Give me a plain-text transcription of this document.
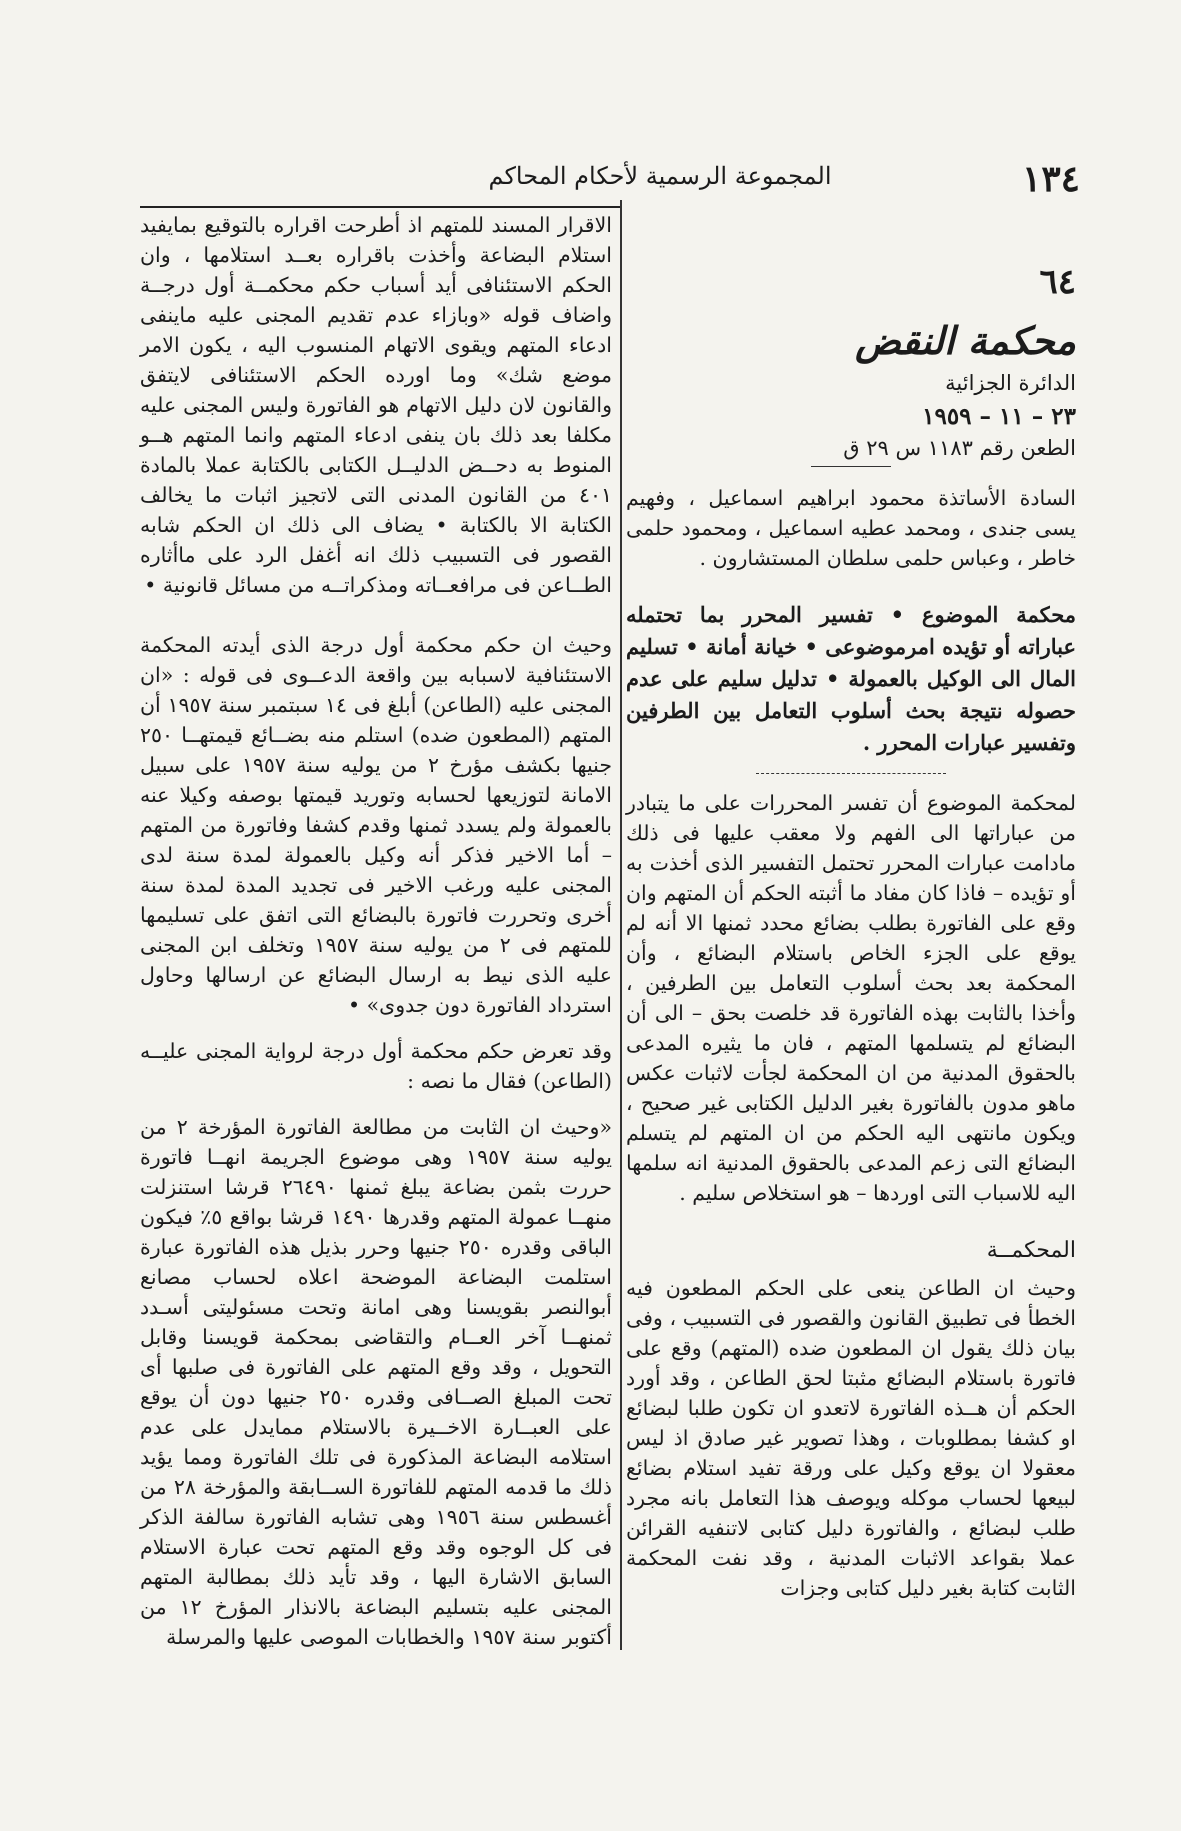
١٣٤
المجموعة الرسمية لأحكام المحاكم
٦٤
محكمة النقض
الدائرة الجزائية
٢٣ – ١١ – ١٩٥٩
الطعن رقم ١١٨٣ س ٢٩ ق

السادة الأساتذة محمود ابراهيم اسماعيل ، وفهيم يسى جندى ، ومحمد عطيه اسماعيل ، ومحمود حلمى خاطر ، وعباس حلمى سلطان المستشارون .

محكمة الموضوع • تفسير المحرر بما تحتمله عباراته أو تؤيده امرموضوعى • خيانة أمانة • تسليم المال الى الوكيل بالعمولة • تدليل سليم على عدم حصوله نتيجة بحث أسلوب التعامل بين الطرفين وتفسير عبارات المحرر .

لمحكمة الموضوع أن تفسر المحررات على ما يتبادر من عباراتها الى الفهم ولا معقب عليها فى ذلك مادامت عبارات المحرر تحتمل التفسير الذى أخذت به أو تؤيده – فاذا كان مفاد ما أثبته الحكم أن المتهم وان وقع على الفاتورة بطلب بضائع محدد ثمنها الا أنه لم يوقع على الجزء الخاص باستلام البضائع ، وأن المحكمة بعد بحث أسلوب التعامل بين الطرفين ، وأخذا بالثابت بهذه الفاتورة قد خلصت بحق – الى أن البضائع لم يتسلمها المتهم ، فان ما يثيره المدعى بالحقوق المدنية من ان المحكمة لجأت لاثبات عكس ماهو مدون بالفاتورة بغير الدليل الكتابى غير صحيح ، ويكون مانتهى اليه الحكم من ان المتهم لم يتسلم البضائع التى زعم المدعى بالحقوق المدنية انه سلمها اليه للاسباب التى اوردها – هو استخلاص سليم .

المحكمــة

وحيث ان الطاعن ينعى على الحكم المطعون فيه الخطأ فى تطبيق القانون والقصور فى التسبيب ، وفى بيان ذلك يقول ان المطعون ضده (المتهم) وقع على فاتورة باستلام البضائع مثبتا لحق الطاعن ، وقد أورد الحكم أن هــذه الفاتورة لاتعدو ان تكون طلبا لبضائع او كشفا بمطلوبات ، وهذا تصوير غير صادق اذ ليس معقولا ان يوقع وكيل على ورقة تفيد استلام بضائع لبيعها لحساب موكله ويوصف هذا التعامل بانه مجرد طلب لبضائع ، والفاتورة دليل كتابى لاتنفيه القرائن عملا بقواعد الاثبات المدنية ، وقد نفت المحكمة الثابت كتابة بغير دليل كتابى وجزات

الاقرار المسند للمتهم اذ أطرحت اقراره بالتوقيع بمايفيد استلام البضاعة وأخذت باقراره بعــد استلامها ، وان الحكم الاستئنافى أيد أسباب حكم محكمــة أول درجــة واضاف قوله «وبازاء عدم تقديم المجنى عليه ماينفى ادعاء المتهم ويقوى الاتهام المنسوب اليه ، يكون الامر موضع شك» وما اورده الحكم الاستئنافى لايتفق والقانون لان دليل الاتهام هو الفاتورة وليس المجنى عليه مكلفا بعد ذلك بان ينفى ادعاء المتهم وانما المتهم هــو المنوط به دحــض الدليــل الكتابى بالكتابة عملا بالمادة ٤٠١ من القانون المدنى التى لاتجيز اثبات ما يخالف الكتابة الا بالكتابة • يضاف الى ذلك ان الحكم شابه القصور فى التسبيب ذلك انه أغفل الرد على ماأثاره الطــاعن فى مرافعــاته ومذكراتــه من مسائل قانونية •

وحيث ان حكم محكمة أول درجة الذى أيدته المحكمة الاستئنافية لاسبابه بين واقعة الدعــوى فى قوله : «ان المجنى عليه (الطاعن) أبلغ فى ١٤ سبتمبر سنة ١٩٥٧ أن المتهم (المطعون ضده) استلم منه بضــائع قيمتهــا ٢٥٠ جنيها بكشف مؤرخ ٢ من يوليه سنة ١٩٥٧ على سبيل الامانة لتوزيعها لحسابه وتوريد قيمتها بوصفه وكيلا عنه بالعمولة ولم يسدد ثمنها وقدم كشفا وفاتورة من المتهم – أما الاخير فذكر أنه وكيل بالعمولة لمدة سنة لدى المجنى عليه ورغب الاخير فى تجديد المدة لمدة سنة أخرى وتحررت فاتورة بالبضائع التى اتفق على تسليمها للمتهم فى ٢ من يوليه سنة ١٩٥٧ وتخلف ابن المجنى عليه الذى نيط به ارسال البضائع عن ارسالها وحاول استرداد الفاتورة دون جدوى» •

وقد تعرض حكم محكمة أول درجة لرواية المجنى عليــه (الطاعن) فقال ما نصه :

«وحيث ان الثابت من مطالعة الفاتورة المؤرخة ٢ من يوليه سنة ١٩٥٧ وهى موضوع الجريمة انهــا فاتورة حررت بثمن بضاعة يبلغ ثمنها ٢٦٤٩٠ قرشا استنزلت منهــا عمولة المتهم وقدرها ١٤٩٠ قرشا بواقع ٥٪ فيكون الباقى وقدره ٢٥٠ جنيها وحرر بذيل هذه الفاتورة عبارة استلمت البضاعة الموضحة اعلاه لحساب مصانع أبوالنصر بقويسنا وهى امانة وتحت مسئوليتى أسـدد ثمنهــا آخر العــام والتقاضى بمحكمة قويسنا وقابل التحويل ، وقد وقع المتهم على الفاتورة فى صلبها أى تحت المبلغ الصــافى وقدره ٢٥٠ جنيها دون أن يوقع على العبــارة الاخــيرة بالاستلام ممايدل على عدم استلامه البضاعة المذكورة فى تلك الفاتورة ومما يؤيد ذلك ما قدمه المتهم للفاتورة الســابقة والمؤرخة ٢٨ من أغسطس سنة ١٩٥٦ وهى تشابه الفاتورة سالفة الذكر فى كل الوجوه وقد وقع المتهم تحت عبارة الاستلام السابق الاشارة اليها ، وقد تأيد ذلك بمطالبة المتهم المجنى عليه بتسليم البضاعة بالانذار المؤرخ ١٢ من أكتوبر سنة ١٩٥٧ والخطابات الموصى عليها والمرسلة
